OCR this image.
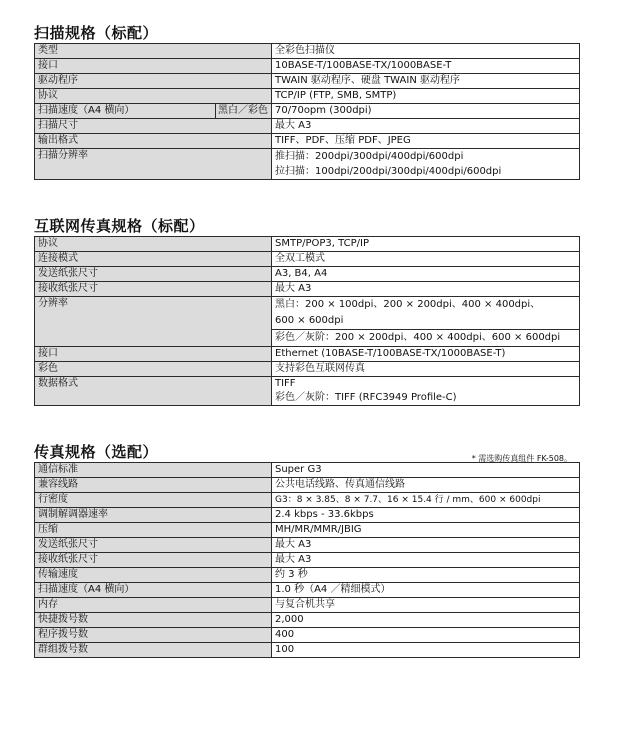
扫描规格（标配）
类型	全彩色扫描仪
接口	10BASE-T/100BASE-TX/1000BASE-T
驱动程序	TWAIN 驱动程序、硬盘 TWAIN 驱动程序
协议	TCP/IP (FTP, SMB, SMTP)

扫描速度（A4 横向） 黑白／彩色	70/70opm (300dpi)
扫描尺寸	最大 A3
输出格式	TIFF、PDF、压缩 PDF、JPEG
扫描分辨率	推扫描：200dpi/300dpi/400dpi/600dpi
拉扫描：100dpi/200dpi/300dpi/400dpi/600dpi
互联网传真规格（标配）
协议	SMTP/POP3, TCP/IP
连接模式	全双工模式
发送纸张尺寸	A3, B4, A4
接收纸张尺寸	最大 A3
分辨率	黑白：200 × 100dpi、200 × 200dpi、400 × 400dpi、
600 × 600dpi
彩色／灰阶：200 × 200dpi、400 × 400dpi、600 × 600dpi

接口	Ethernet (10BASE-T/100BASE-TX/1000BASE-T)
彩色	支持彩色互联网传真
数据格式	TIFF
彩色／灰阶：TIFF (RFC3949 Profile-C)
传真规格（选配）	* 需选购传真组件 FK-508。
通信标准	Super G3
兼容线路	公共电话线路、传真通信线路
行密度	G3：8 × 3.85、8 × 7.7、16 × 15.4 行 / mm、600 × 600dpi
调制解调器速率	2.4 kbps - 33.6kbps
压缩	MH/MR/MMR/JBIG
发送纸张尺寸	最大 A3
接收纸张尺寸	最大 A3
传输速度	约 3 秒
扫描速度（A4 横向）	1.0 秒（A4 ／精细模式）
内存	与复合机共享
快捷拨号数	2,000
程序拨号数	400
群组拨号数	100
